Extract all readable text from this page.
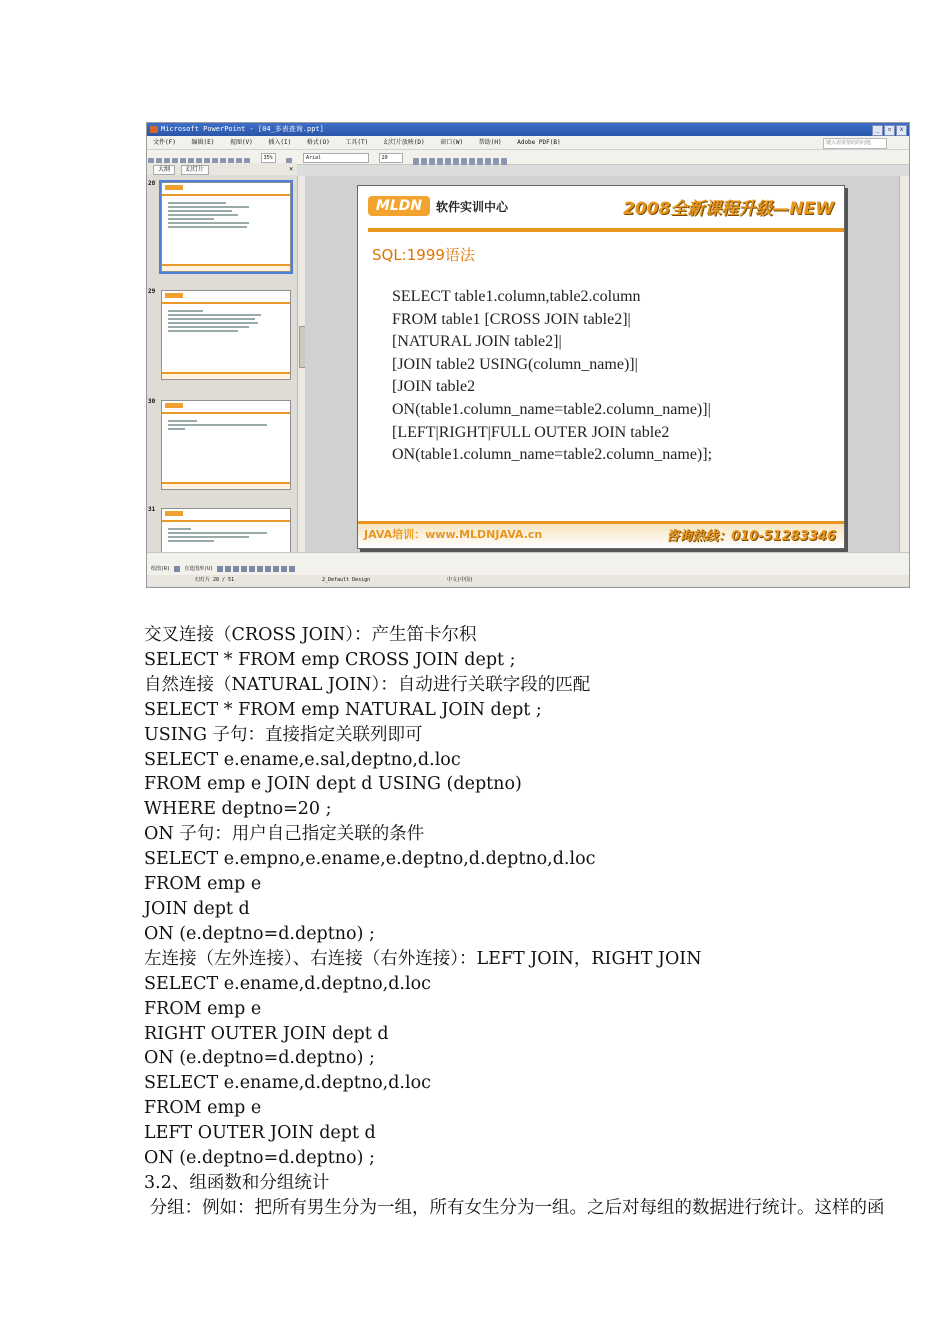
Microsoft PowerPoint - [04_多表查询.ppt]	_	▫	x
文件(F)	编辑(E)	视图(V)	插入(I)	格式(O)	工具(T)	幻灯片放映(D)	窗口(W)	帮助(H)	Adobe PDF(B)	键入需要帮助的问题
35%	Arial	20
大纲	幻灯片	×
28
29
30
31
MLDN	软件实训中心	2008全新课程升级—NEW
SQL:1999语法
SELECT table1.column,table2.column
FROM table1 [CROSS JOIN table2]|
[NATURAL JOIN table2]|
[JOIN table2 USING(column_name)]|
[JOIN table2
ON(table1.column_name=table2.column_name)]|
[LEFT|RIGHT|FULL OUTER JOIN table2
ON(table1.column_name=table2.column_name)];
JAVA培训：www.MLDNJAVA.cn	咨询热线：010-51283346
绘图(R)	自选图形(U)
幻灯片 28 / 51	2_Default Design	中文(中国)
交叉连接（CROSS JOIN）：产生笛卡尔积
SELECT * FROM emp CROSS JOIN dept ;
自然连接（NATURAL JOIN）：自动进行关联字段的匹配
SELECT * FROM emp NATURAL JOIN dept ;
USING 子句：直接指定关联列即可
SELECT e.ename,e.sal,deptno,d.loc
FROM emp e JOIN dept d USING (deptno)
WHERE deptno=20 ;
ON 子句：用户自己指定关联的条件
SELECT e.empno,e.ename,e.deptno,d.deptno,d.loc
FROM emp e
JOIN dept d
ON (e.deptno=d.deptno) ;
左连接（左外连接）、右连接（右外连接）：LEFT JOIN，RIGHT JOIN
SELECT e.ename,d.deptno,d.loc
FROM emp e
RIGHT OUTER JOIN dept d
ON (e.deptno=d.deptno) ;
SELECT e.ename,d.deptno,d.loc
FROM emp e
LEFT OUTER JOIN dept d
ON (e.deptno=d.deptno) ;
3.2、组函数和分组统计
分组：例如：把所有男生分为一组，所有女生分为一组。之后对每组的数据进行统计。这样的函
